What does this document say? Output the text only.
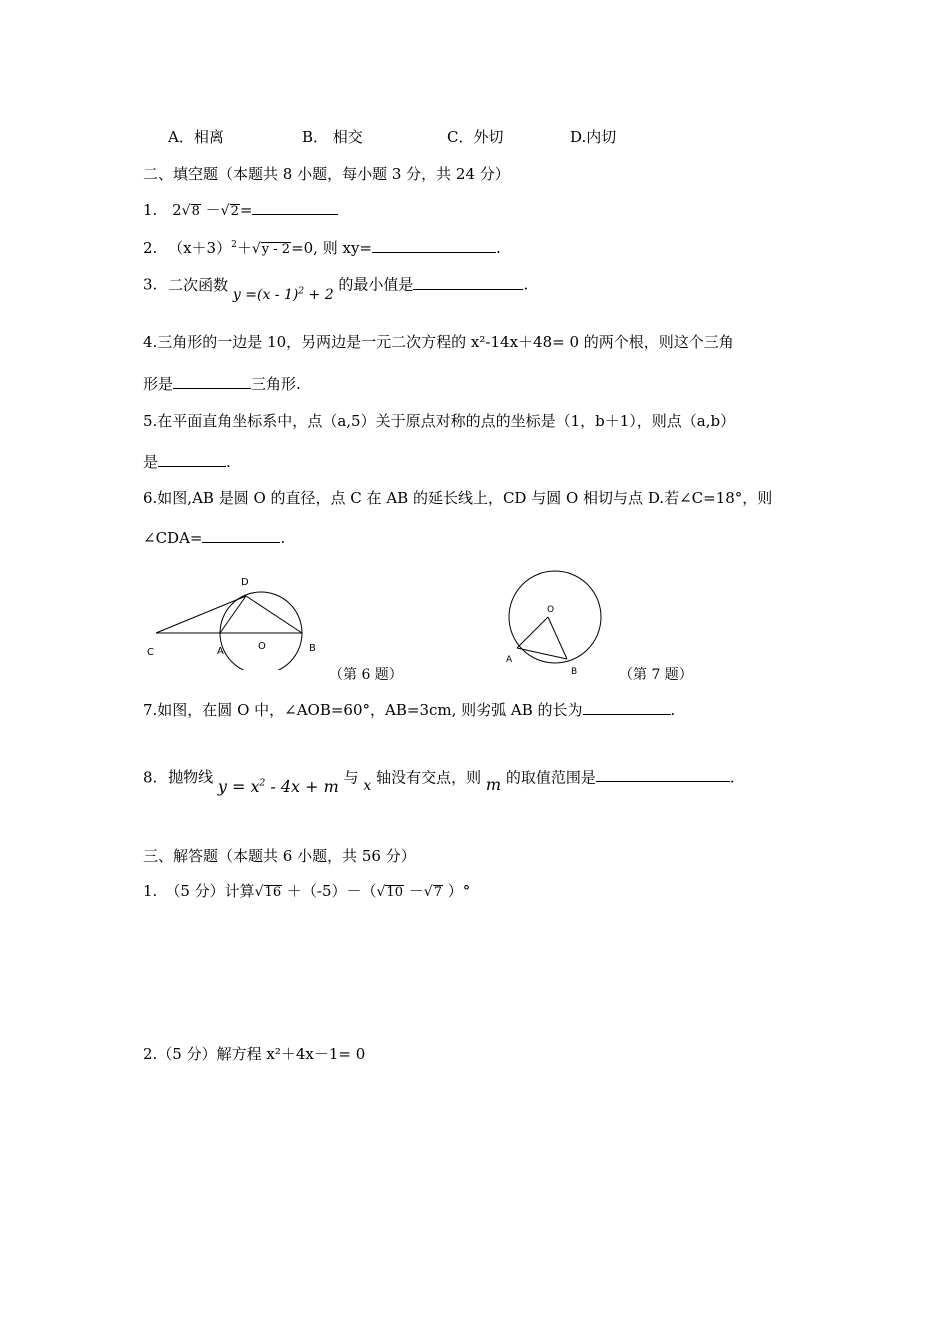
A．相离	B． 相交	C．外切	D.内切
二、填空题（本题共 8 小题，每小题 3 分，共 24 分）
1. 2√8 －√2=
2. $(x+3)^2+√y - 2=0$, 则 xy=	.
3. 二次函数 y =(x - 1)$^2$ + 2 的最小值是	.
4.三角形的一边是 10，另两边是一元二次方程的 x²-14x＋48= 0 的两个根，则这个三角
形是	三角形.
5.在平面直角坐标系中，点（a,5）关于原点对称的点的坐标是（1，b＋1），则点（a,b）
是	.
6.如图,AB 是圆 O 的直径，点 C 在 AB 的延长线上，CD 与圆 O 相切与点 D.若∠C=18°，则
∠CDA=	.
D
C	A	O	B
（第 6 题）
O
A
B	（第 7 题）
7.如图，在圆 O 中，∠AOB=60°，AB=3cm, 则劣弧 AB 的长为	.
8. 抛物线 $y = x^2 - 4x + m$ 与 x 轴没有交点，则 m 的取值范围是	.
三、解答题（本题共 6 小题，共 56 分）
1. （5 分）计算√16 ＋（-5）－（√10 －√7 ）°
2.（5 分）解方程 x²＋4x－1= 0
